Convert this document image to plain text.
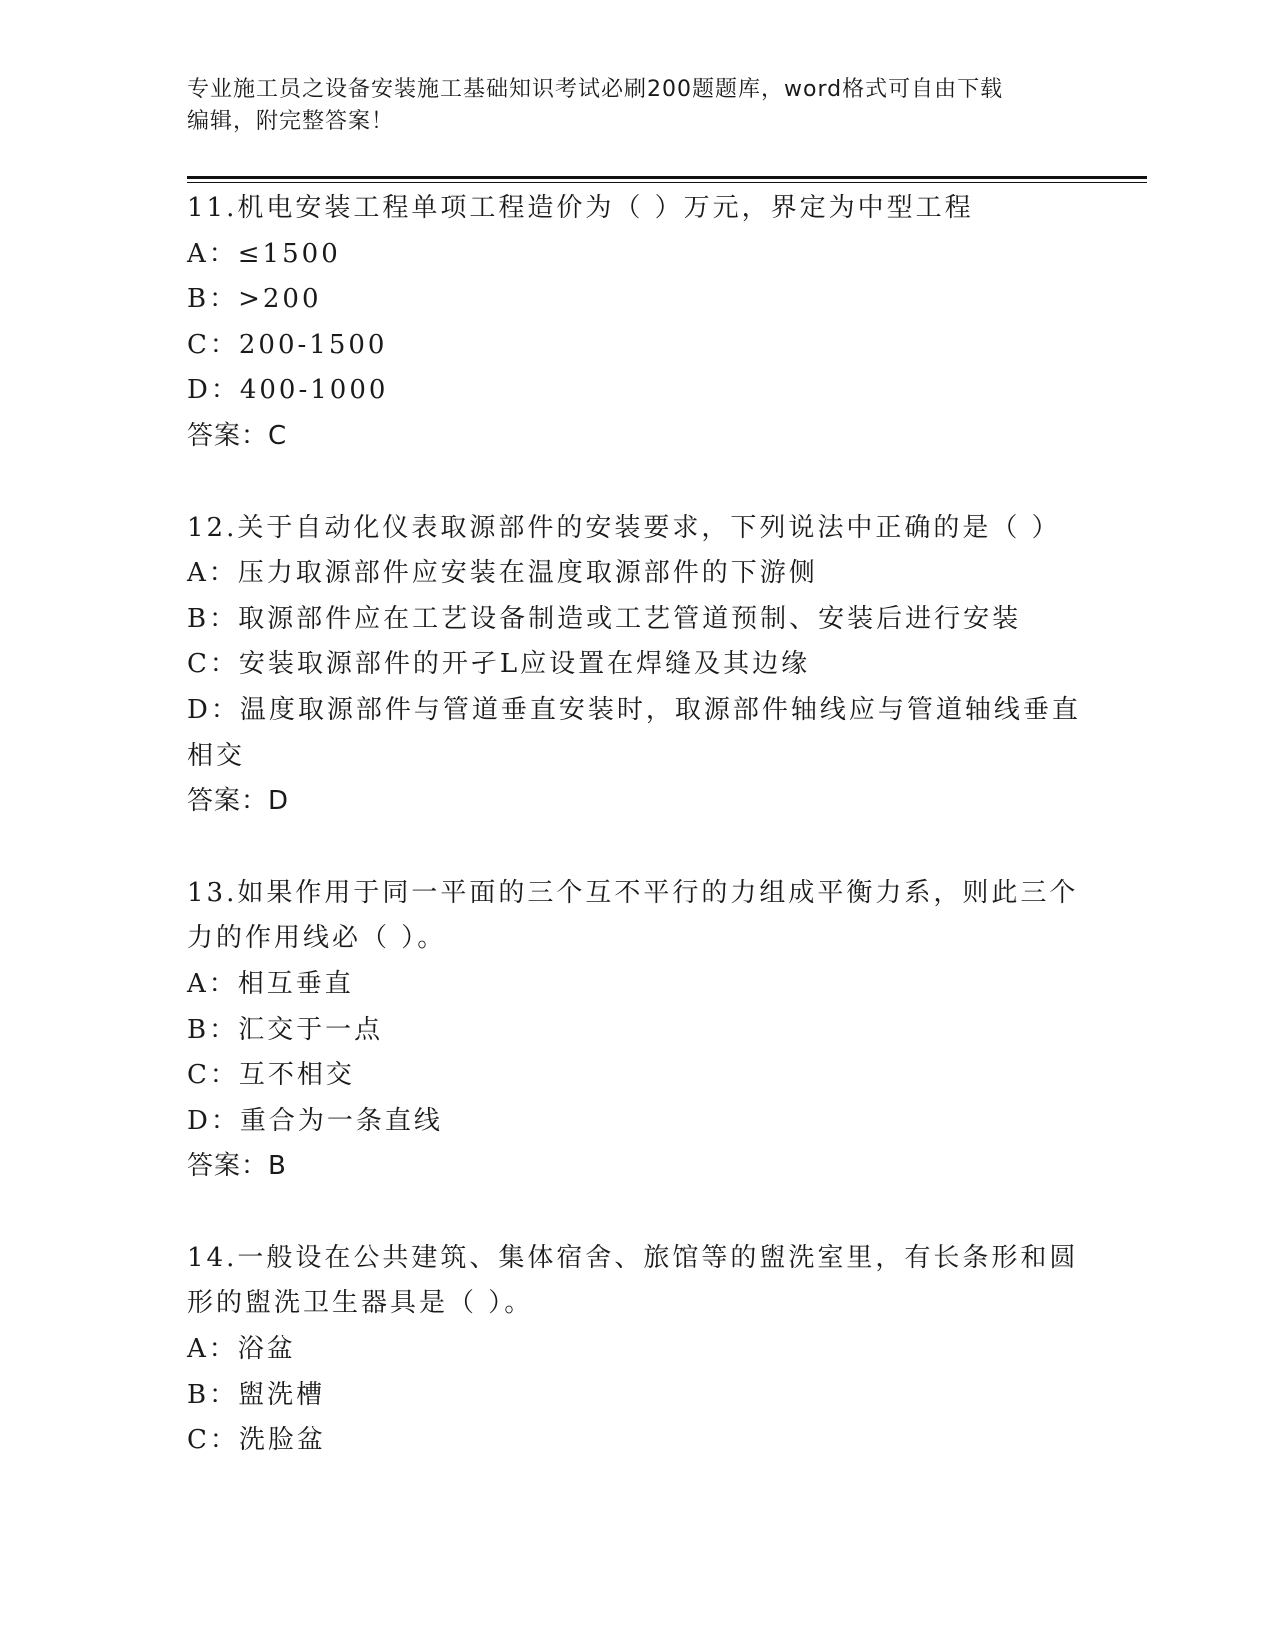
专业施工员之设备安装施工基础知识考试必刷200题题库，word格式可自由下载
编辑，附完整答案！
11.机电安装工程单项工程造价为（ ）万元，界定为中型工程
A：≤1500
B：>200
C：200-1500
D：400-1000
答案：C
12.关于自动化仪表取源部件的安装要求，下列说法中正确的是（ ）
A：压力取源部件应安装在温度取源部件的下游侧
B：取源部件应在工艺设备制造或工艺管道预制、安装后进行安装
C：安装取源部件的开孑L应设置在焊缝及其边缘
D：温度取源部件与管道垂直安装时，取源部件轴线应与管道轴线垂直
相交
答案：D
13.如果作用于同一平面的三个互不平行的力组成平衡力系，则此三个
力的作用线必（ ）。
A：相互垂直
B：汇交于一点
C：互不相交
D：重合为一条直线
答案：B
14.一般设在公共建筑、集体宿舍、旅馆等的盥洗室里，有长条形和圆
形的盥洗卫生器具是（ ）。
A：浴盆
B：盥洗槽
C：洗脸盆
